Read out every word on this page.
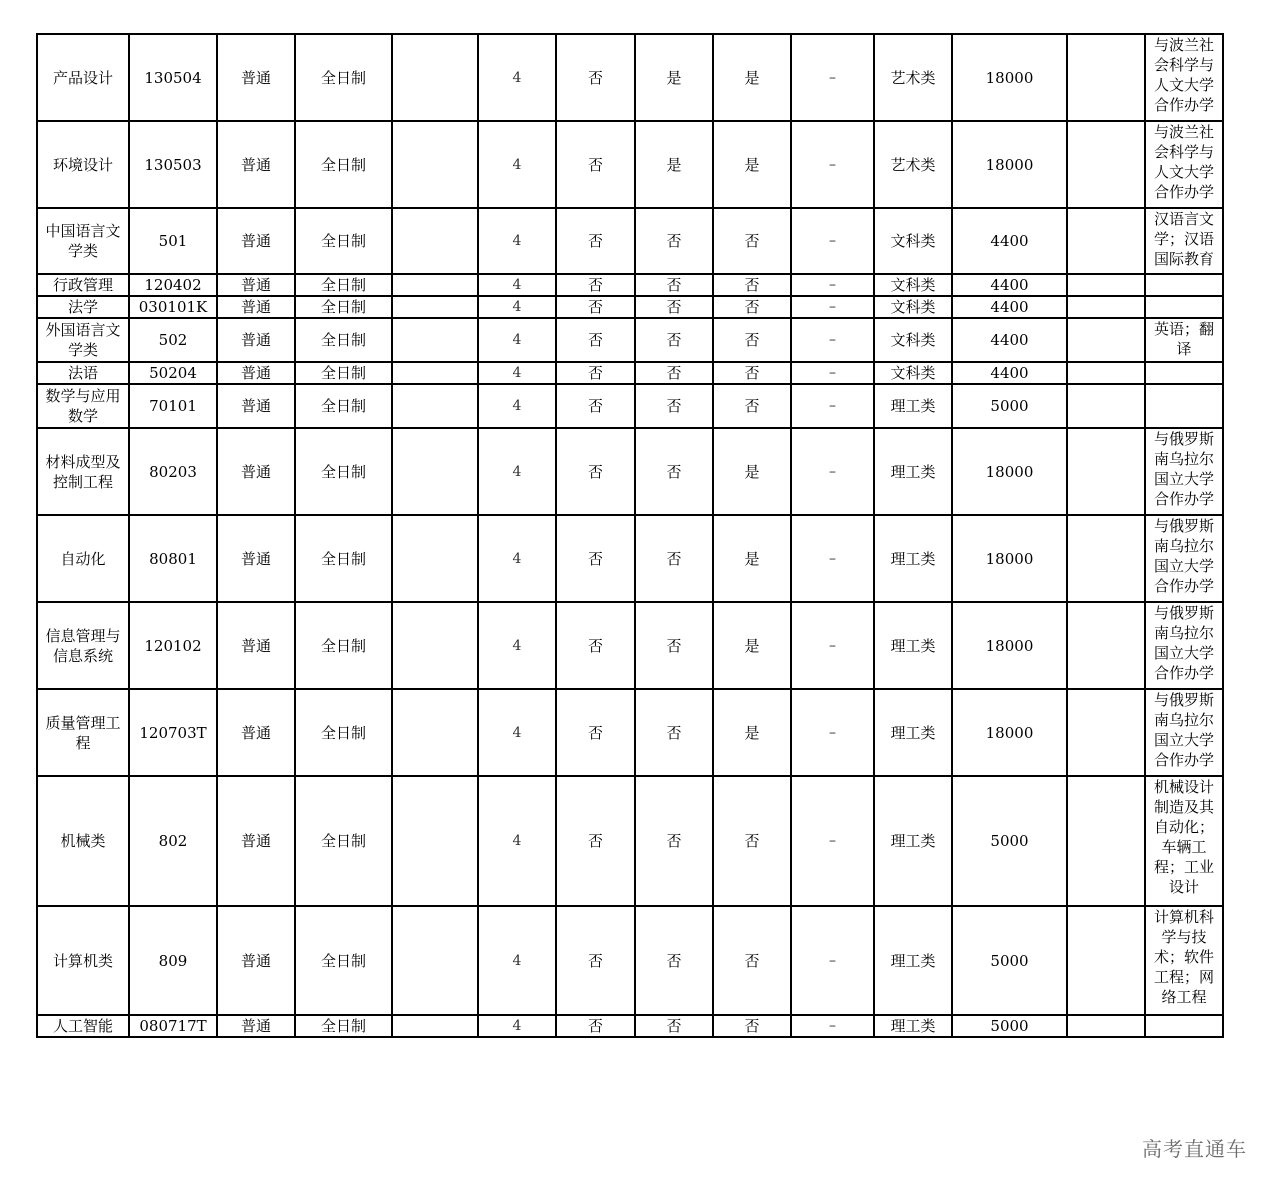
产品设计	130504	普通	全日制		4	否	是	是	–	艺术类	18000		与波兰社会科学与人文大学合作办学
环境设计	130503	普通	全日制		4	否	是	是	–	艺术类	18000		与波兰社会科学与人文大学合作办学
中国语言文学类	501	普通	全日制		4	否	否	否	–	文科类	4400		汉语言文学；汉语国际教育
行政管理	120402	普通	全日制		4	否	否	否	–	文科类	4400		
法学	030101K	普通	全日制		4	否	否	否	–	文科类	4400		
外国语言文学类	502	普通	全日制		4	否	否	否	–	文科类	4400		英语；翻译
法语	50204	普通	全日制		4	否	否	否	–	文科类	4400		
数学与应用数学	70101	普通	全日制		4	否	否	否	–	理工类	5000		
材料成型及控制工程	80203	普通	全日制		4	否	否	是	–	理工类	18000		与俄罗斯南乌拉尔国立大学合作办学
自动化	80801	普通	全日制		4	否	否	是	–	理工类	18000		与俄罗斯南乌拉尔国立大学合作办学
信息管理与信息系统	120102	普通	全日制		4	否	否	是	–	理工类	18000		与俄罗斯南乌拉尔国立大学合作办学
质量管理工程	120703T	普通	全日制		4	否	否	是	–	理工类	18000		与俄罗斯南乌拉尔国立大学合作办学
机械类	802	普通	全日制		4	否	否	否	–	理工类	5000		机械设计制造及其自动化；车辆工程；工业设计
计算机类	809	普通	全日制		4	否	否	否	–	理工类	5000		计算机科学与技术；软件工程；网络工程
人工智能	080717T	普通	全日制		4	否	否	否	–	理工类	5000		
高考直通车
